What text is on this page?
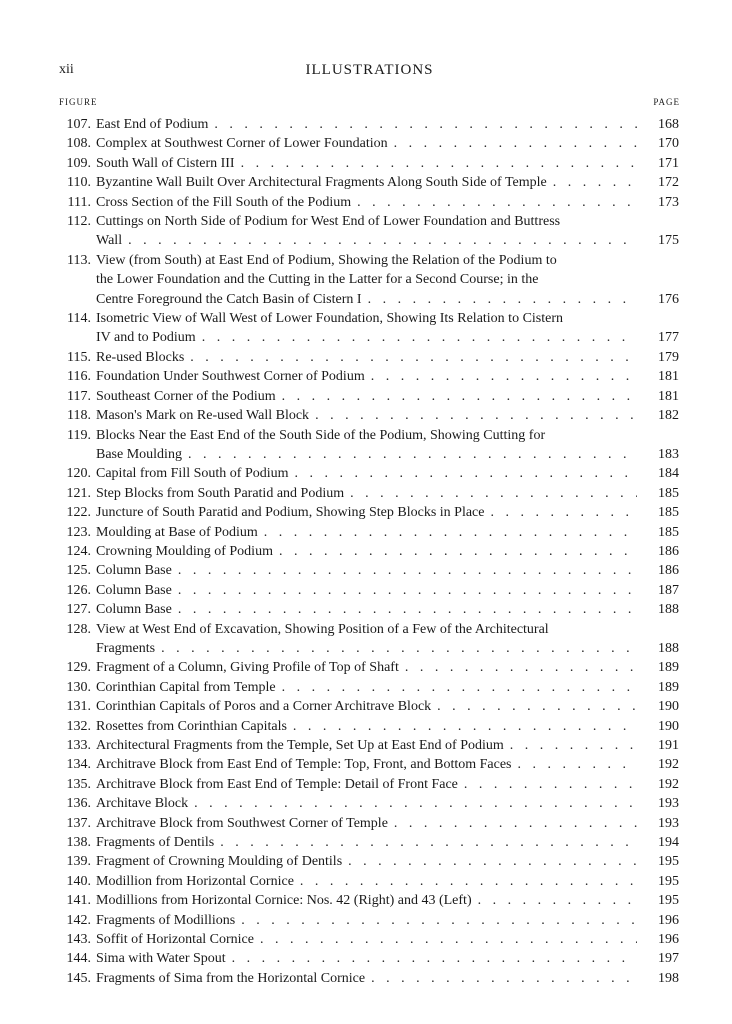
xii	ILLUSTRATIONS
FIGURE	PAGE
107. East End of Podium . . .	168
108. Complex at Southwest Corner of Lower Foundation . . .	170
109. South Wall of Cistern III . . .	171
110. Byzantine Wall Built Over Architectural Fragments Along South Side of Temple . . .	172
111. Cross Section of the Fill South of the Podium . . .	173
112. Cuttings on North Side of Podium for West End of Lower Foundation and Buttress
Wall . . .	175
113. View (from South) at East End of Podium, Showing the Relation of the Podium to
the Lower Foundation and the Cutting in the Latter for a Second Course; in the
Centre Foreground the Catch Basin of Cistern I . . .	176
114. Isometric View of Wall West of Lower Foundation, Showing Its Relation to Cistern
IV and to Podium . . .	177
115. Re-used Blocks . . .	179
116. Foundation Under Southwest Corner of Podium . . .	181
117. Southeast Corner of the Podium . . .	181
118. Mason's Mark on Re-used Wall Block . . .	182
119. Blocks Near the East End of the South Side of the Podium, Showing Cutting for
Base Moulding . . .	183
120. Capital from Fill South of Podium . . .	184
121. Step Blocks from South Paratid and Podium . . .	185
122. Juncture of South Paratid and Podium, Showing Step Blocks in Place . . .	185
123. Moulding at Base of Podium . . .	185
124. Crowning Moulding of Podium . . .	186
125. Column Base . . .	186
126. Column Base . . .	187
127. Column Base . . .	188
128. View at West End of Excavation, Showing Position of a Few of the Architectural
Fragments . . .	188
129. Fragment of a Column, Giving Profile of Top of Shaft . . .	189
130. Corinthian Capital from Temple . . .	189
131. Corinthian Capitals of Poros and a Corner Architrave Block . . .	190
132. Rosettes from Corinthian Capitals . . .	190
133. Architectural Fragments from the Temple, Set Up at East End of Podium . . .	191
134. Architrave Block from East End of Temple: Top, Front, and Bottom Faces . . .	192
135. Architrave Block from East End of Temple: Detail of Front Face . . .	192
136. Architave Block . . .	193
137. Architrave Block from Southwest Corner of Temple . . .	193
138. Fragments of Dentils . . .	194
139. Fragment of Crowning Moulding of Dentils . . .	195
140. Modillion from Horizontal Cornice . . .	195
141. Modillions from Horizontal Cornice: Nos. 42 (Right) and 43 (Left) . . .	195
142. Fragments of Modillions . . .	196
143. Soffit of Horizontal Cornice . . .	196
144. Sima with Water Spout . . .	197
145. Fragments of Sima from the Horizontal Cornice . . .	198
